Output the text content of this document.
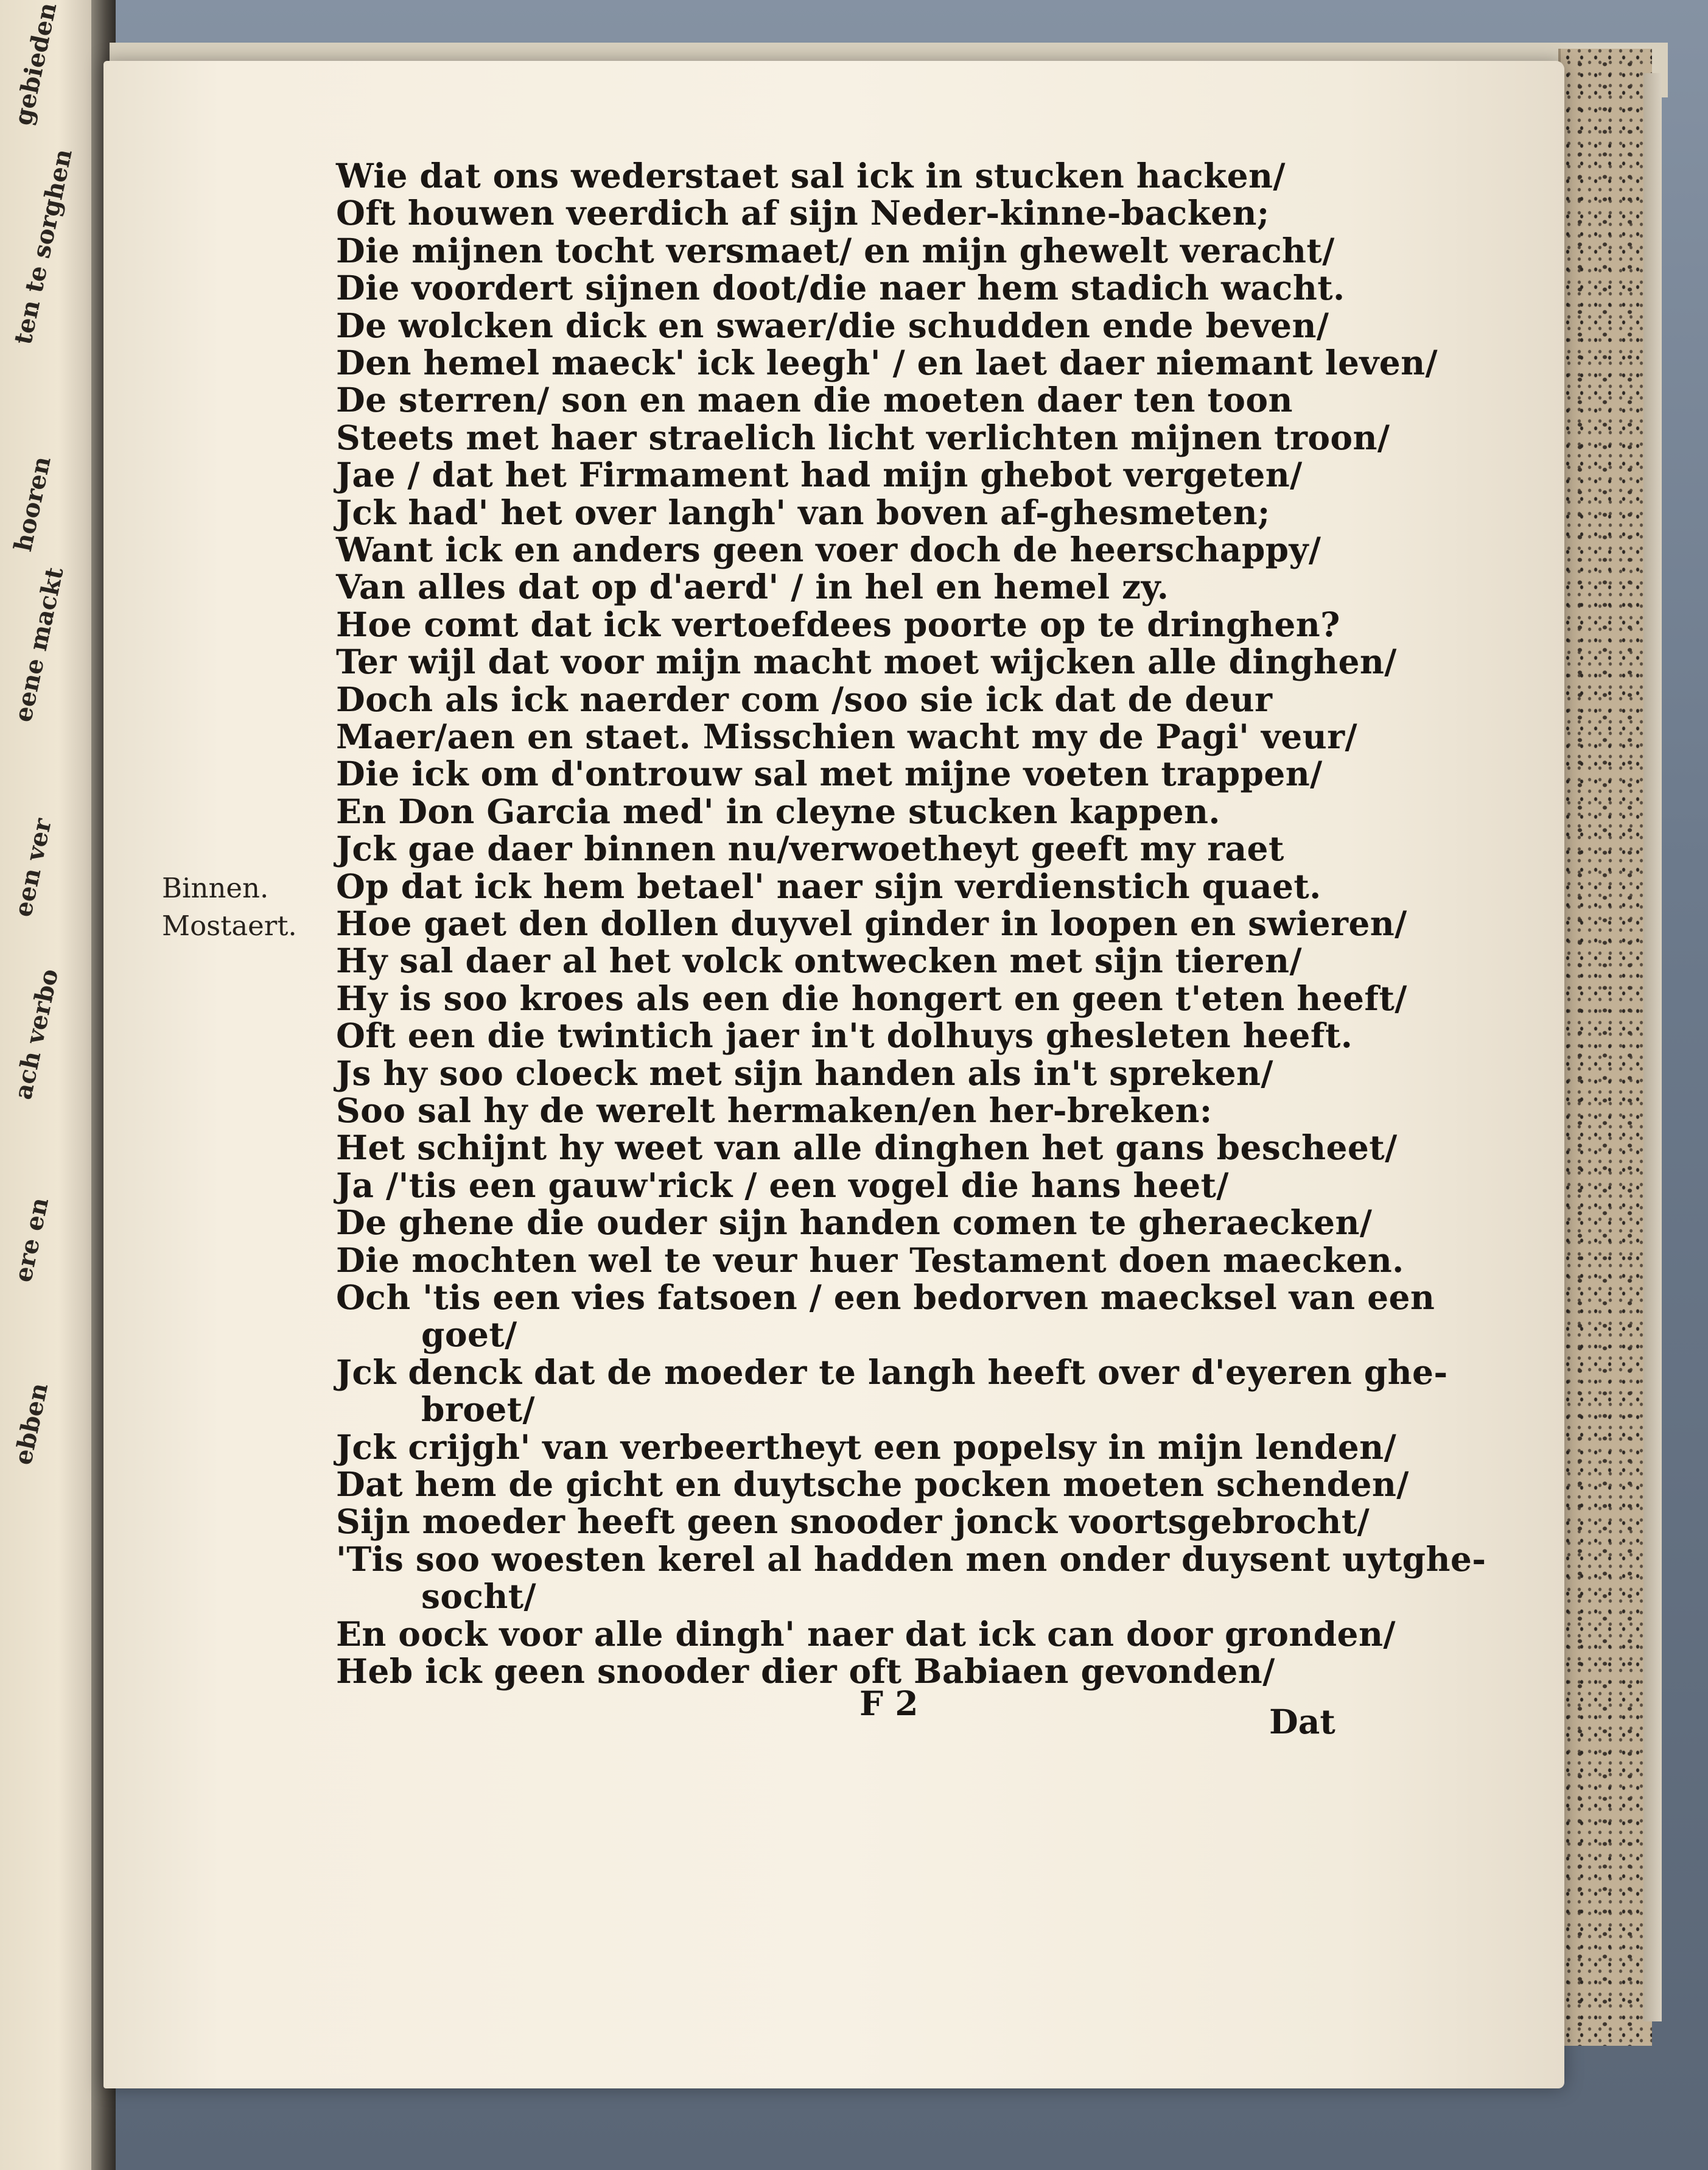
gebieden
ten te sorghen
hooren
eene mackt
een ver
ach verbo
ere en
ebben
Binnen.
Mostaert.
Wie dat ons wederstaet sal ick in stucken hacken/
Oft houwen veerdich af sijn Neder-kinne-backen;
Die mijnen tocht versmaet/ en mijn ghewelt veracht/
Die voordert sijnen doot/die naer hem stadich wacht.
De wolcken dick en swaer/die schudden ende beven/
Den hemel maeck' ick leegh' / en laet daer niemant leven/
De sterren/ son en maen die moeten daer ten toon
Steets met haer straelich licht verlichten mijnen troon/
Jae / dat het Firmament had mijn ghebot vergeten/
Jck had' het over langh' van boven af-ghesmeten;
Want ick en anders geen voer doch de heerschappy/
Van alles dat op d'aerd' / in hel en hemel zy.
Hoe comt dat ick vertoefdees poorte op te dringhen?
Ter wijl dat voor mijn macht moet wijcken alle dinghen/
Doch als ick naerder com /soo sie ick dat de deur
Maer/aen en staet. Misschien wacht my de Pagi' veur/
Die ick om d'ontrouw sal met mijne voeten trappen/
En Don Garcia med' in cleyne stucken kappen.
Jck gae daer binnen nu/verwoetheyt geeft my raet
Op dat ick hem betael' naer sijn verdienstich quaet.
Hoe gaet den dollen duyvel ginder in loopen en swieren/
Hy sal daer al het volck ontwecken met sijn tieren/
Hy is soo kroes als een die hongert en geen t'eten heeft/
Oft een die twintich jaer in't dolhuys ghesleten heeft.
Js hy soo cloeck met sijn handen als in't spreken/
Soo sal hy de werelt hermaken/en her-breken:
Het schijnt hy weet van alle dinghen het gans bescheet/
Ja /'tis een gauw'rick / een vogel die hans heet/
De ghene die ouder sijn handen comen te gheraecken/
Die mochten wel te veur huer Testament doen maecken.
Och 'tis een vies fatsoen / een bedorven maecksel van een
goet/
Jck denck dat de moeder te langh heeft over d'eyeren ghe-
broet/
Jck crijgh' van verbeertheyt een popelsy in mijn lenden/
Dat hem de gicht en duytsche pocken moeten schenden/
Sijn moeder heeft geen snooder jonck voortsgebrocht/
'Tis soo woesten kerel al hadden men onder duysent uytghe-
socht/
En oock voor alle dingh' naer dat ick can door gronden/
Heb ick geen snooder dier oft Babiaen gevonden/
F 2	Dat
